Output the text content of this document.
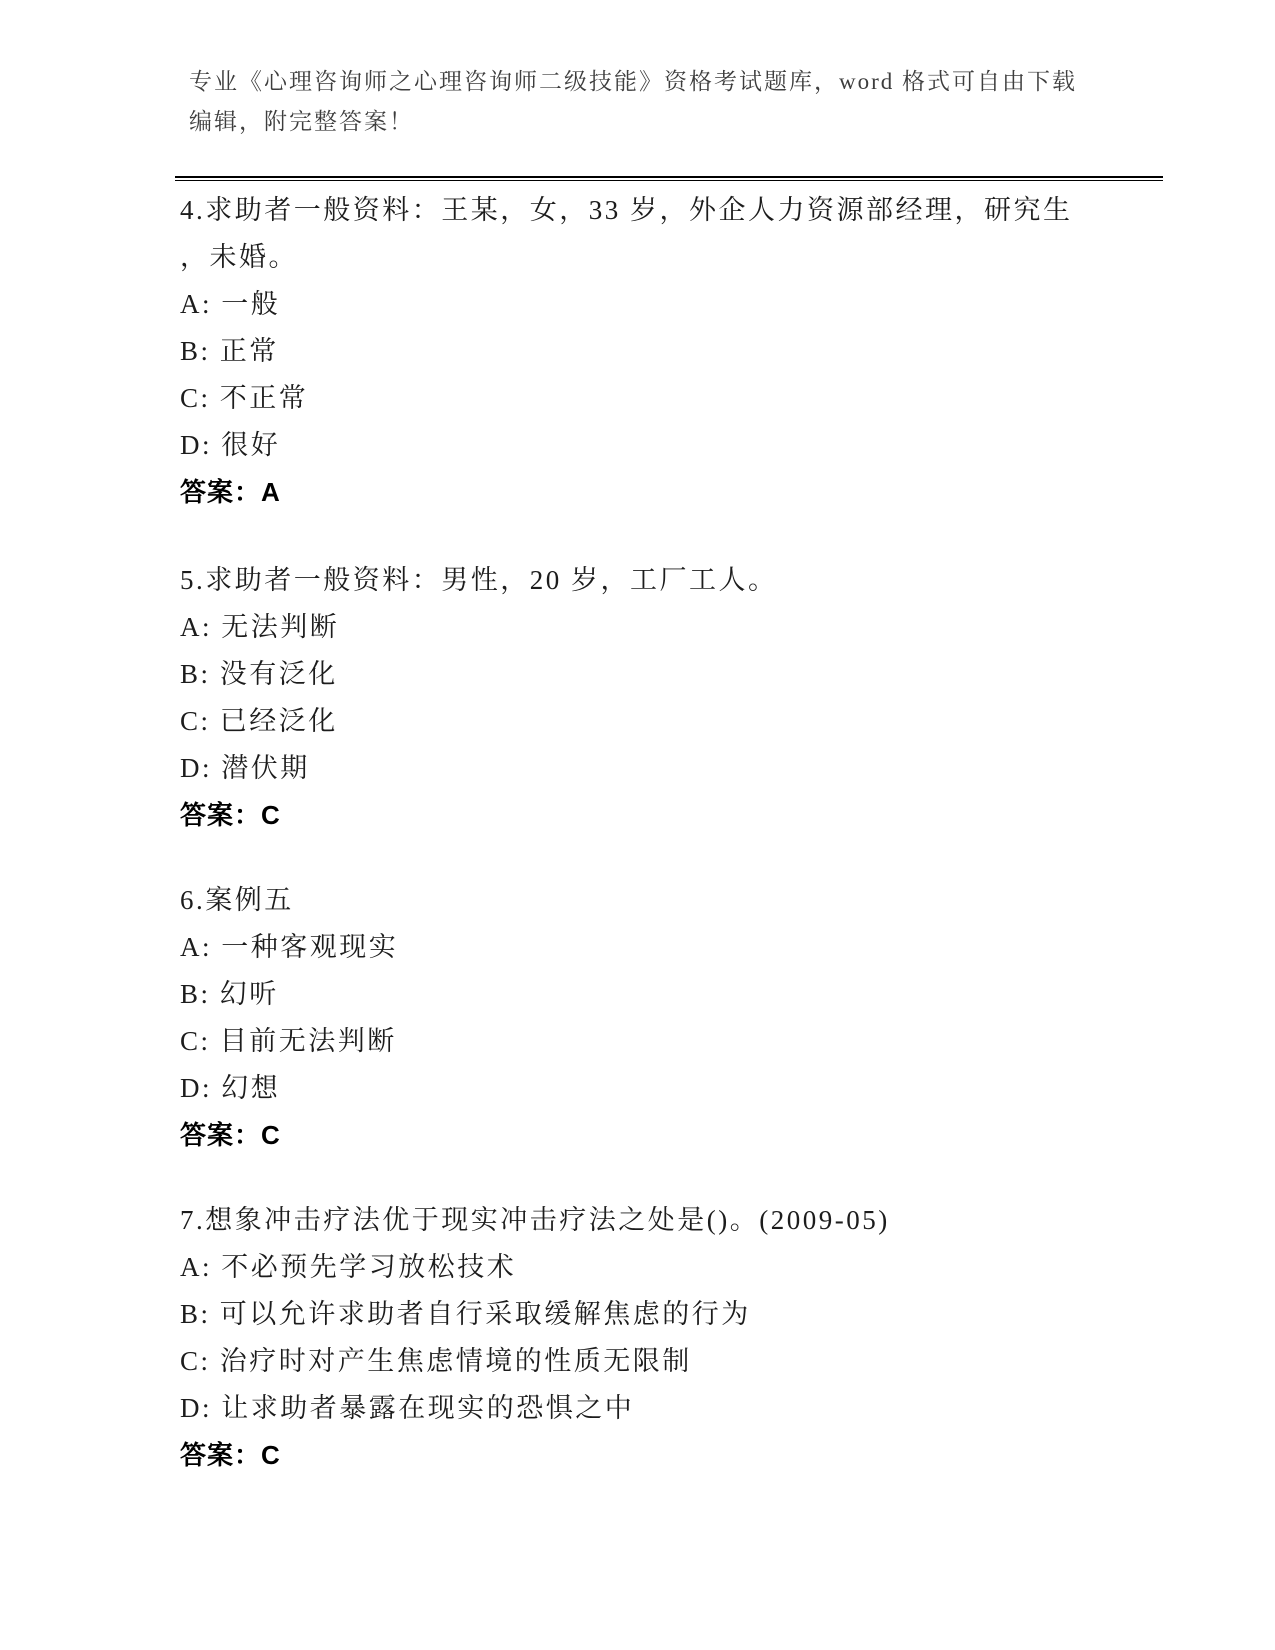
专业《心理咨询师之心理咨询师二级技能》资格考试题库，word 格式可自由下载
编辑，附完整答案！
4.求助者一般资料：王某，女，33 岁，外企人力资源部经理，研究生
，未婚。
A: 一般
B: 正常
C: 不正常
D: 很好
答案：A
5.求助者一般资料：男性，20 岁，工厂工人。
A: 无法判断
B: 没有泛化
C: 已经泛化
D: 潜伏期
答案：C
6.案例五
A: 一种客观现实
B: 幻听
C: 目前无法判断
D: 幻想
答案：C
7.想象冲击疗法优于现实冲击疗法之处是()。(2009-05)
A: 不必预先学习放松技术
B: 可以允许求助者自行采取缓解焦虑的行为
C: 治疗时对产生焦虑情境的性质无限制
D: 让求助者暴露在现实的恐惧之中
答案：C
